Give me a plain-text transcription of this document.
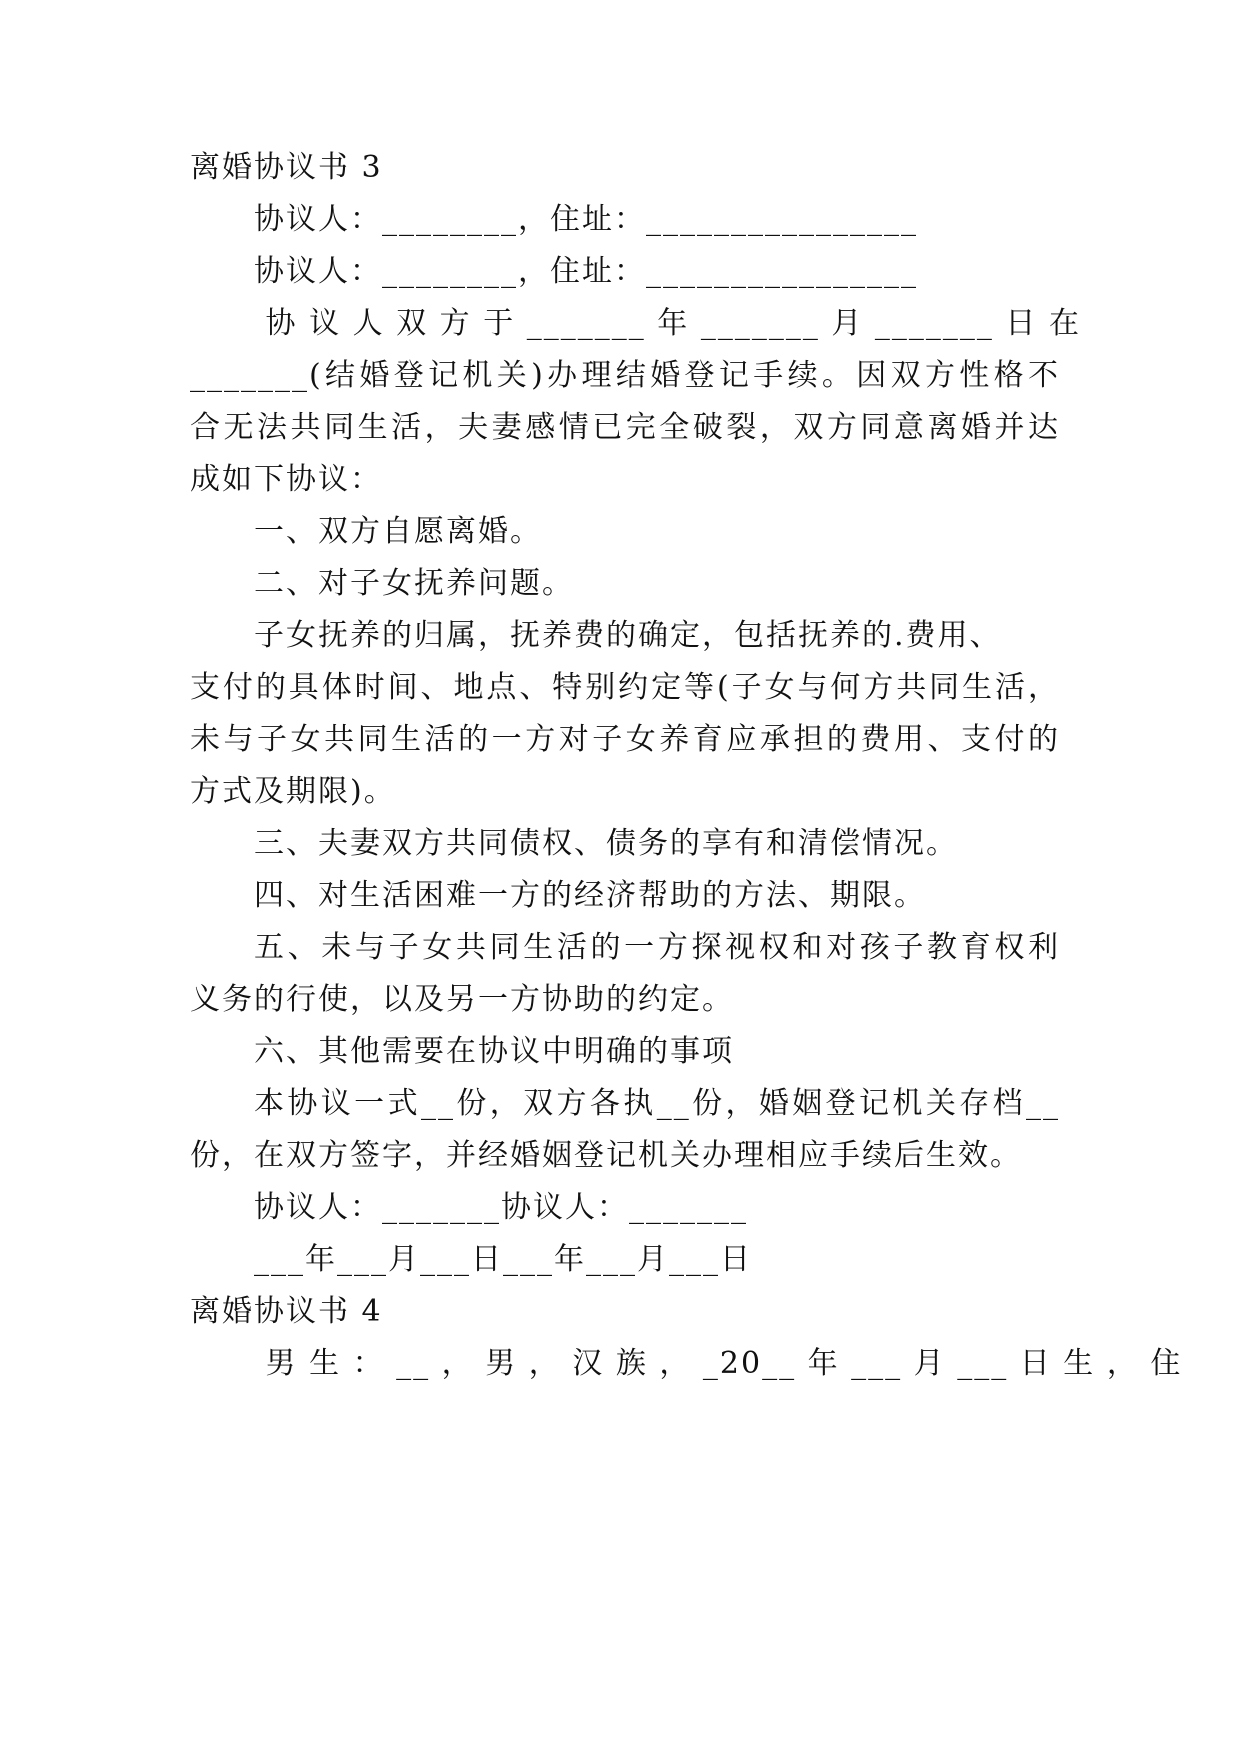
离婚协议书 3
协议人：________，住址：________________
协议人：________，住址：________________
协 议 人 双 方 于 _______ 年 _______ 月 _______ 日 在
_______(结婚登记机关)办理结婚登记手续。因双方性格不
合无法共同生活，夫妻感情已完全破裂，双方同意离婚并达
成如下协议：
一、双方自愿离婚。
二、对子女抚养问题。
子女抚养的归属，抚养费的确定，包括抚养的.费用、
支付的具体时间、地点、特别约定等(子女与何方共同生活，
未与子女共同生活的一方对子女养育应承担的费用、支付的
方式及期限)。
三、夫妻双方共同债权、债务的享有和清偿情况。
四、对生活困难一方的经济帮助的方法、期限。
五、未与子女共同生活的一方探视权和对孩子教育权利
义务的行使，以及另一方协助的约定。
六、其他需要在协议中明确的事项
本协议一式__份，双方各执__份，婚姻登记机关存档__
份，在双方签字，并经婚姻登记机关办理相应手续后生效。
协议人：_______协议人：_______
___年___月___日___年___月___日
离婚协议书 4
男 生 ： __ ， 男 ， 汉 族 ， _20__ 年 ___ 月 ___ 日 生 ， 住
